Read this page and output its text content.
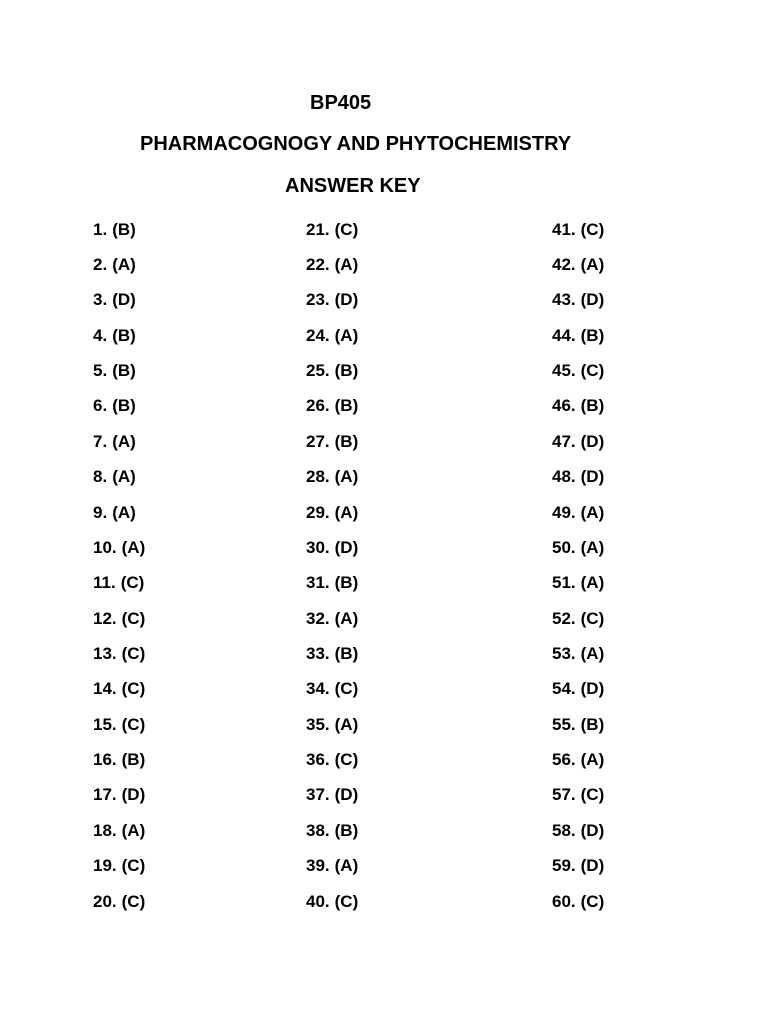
BP405
PHARMACOGNOGY AND PHYTOCHEMISTRY
ANSWER KEY
1. (B)
2. (A)
3. (D)
4. (B)
5. (B)
6. (B)
7. (A)
8. (A)
9. (A)
10. (A)
11. (C)
12. (C)
13. (C)
14. (C)
15. (C)
16. (B)
17. (D)
18. (A)
19. (C)
20. (C)
21. (C)
22. (A)
23. (D)
24. (A)
25. (B)
26. (B)
27. (B)
28. (A)
29. (A)
30. (D)
31. (B)
32. (A)
33. (B)
34. (C)
35. (A)
36. (C)
37. (D)
38. (B)
39. (A)
40. (C)
41. (C)
42. (A)
43. (D)
44. (B)
45. (C)
46. (B)
47. (D)
48. (D)
49. (A)
50. (A)
51. (A)
52. (C)
53. (A)
54. (D)
55. (B)
56. (A)
57. (C)
58. (D)
59. (D)
60. (C)
